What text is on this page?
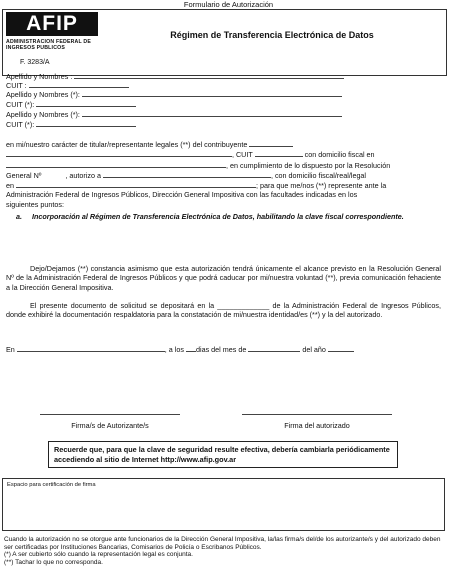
Formulario de Autorización
AFIP
ADMINISTRACION FEDERAL DE INGRESOS PUBLICOS
F. 3283/A
Régimen de Transferencia Electrónica de Datos
Apellido y Nombres :
CUIT :
Apellido y Nombres (*):
CUIT (*):
Apellido y Nombres (*):
CUIT (*):
en mi/nuestro carácter de titular/representante legales (**) del contribuyente
, CUIT	con domicilio fiscal en
, en cumplimiento de lo dispuesto por la Resolución
General Nº	, autorizo a	, con domicilio fiscal/real/legal
en	; para que me/nos (**) represente ante la
Administración Federal de Ingresos Públicos, Dirección General Impositiva con las facultades indicadas en los
siguientes puntos:
a. Incorporación al Régimen de Transferencia Electrónica de Datos, habilitando la clave fiscal correspondiente.
Dejo/Dejamos (**) constancia asimismo que esta autorización tendrá únicamente el alcance previsto en la Resolución General Nº de la Administración Federal de Ingresos Públicos y que podrá caducar por mi/nuestra voluntad (**), previa comunicación fehaciente a la Dirección General Impositiva.
El presente documento de solicitud se depositará en la _____________ de la Administración Federal de Ingresos Públicos, donde exhibiré la documentación respaldatoria para la constatación de mi/nuestra identidad/es (**) y la del autorizado.
En	, a los dias del mes de	del año
Firma/s de Autorizante/s	Firma del autorizado
Recuerde que, para que la clave de seguridad resulte efectiva, debería cambiarla periódicamente accediendo al sitio de Internet http://www.afip.gov.ar
Espacio para certificación de firma
Cuando la autorización no se otorgue ante funcionarios de la Dirección General Impositiva, la/las firma/s del/de los autorizante/s y del autorizado deben ser certificadas por Instituciones Bancarias, Comisarios de Policía o Escribanos Públicos.
(*) A ser cubierto sólo cuando la representación legal es conjunta.
(**) Tachar lo que no corresponda.
